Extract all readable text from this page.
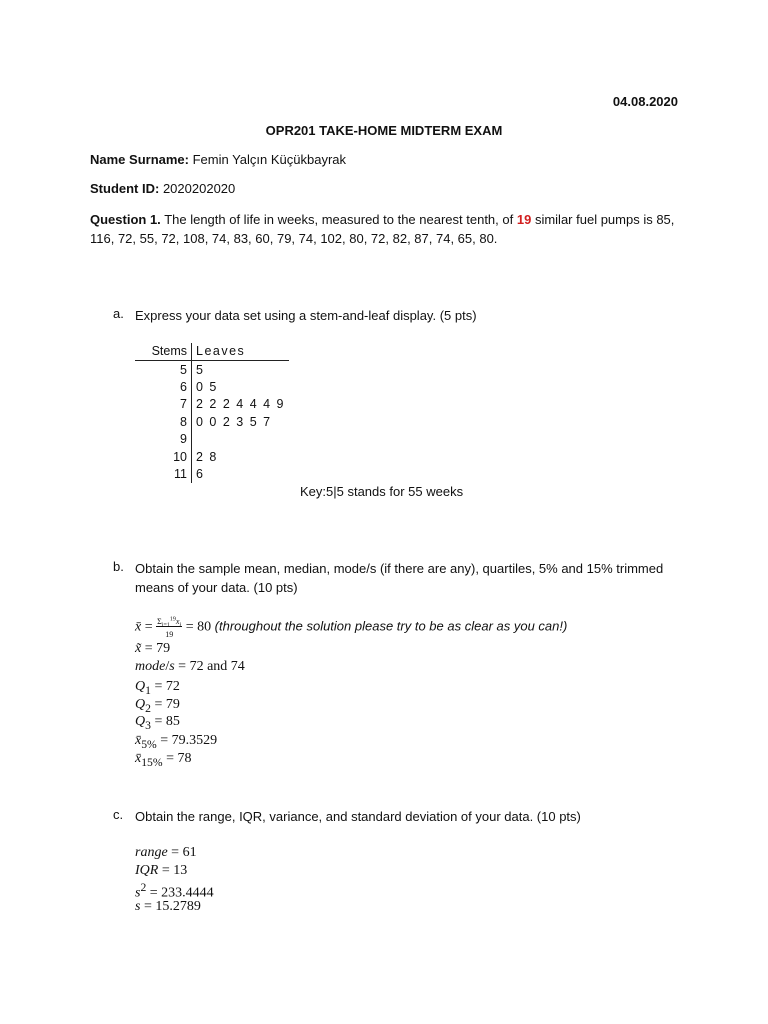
04.08.2020
OPR201 TAKE-HOME MIDTERM EXAM
Name Surname: Femin Yalçın Küçükbayrak
Student ID: 2020202020
Question 1. The length of life in weeks, measured to the nearest tenth, of 19 similar fuel pumps is 85,
116, 72, 55, 72, 108, 74, 83, 60, 79, 74, 102, 80, 72, 82, 87, 74, 65, 80.
a. Express your data set using a stem-and-leaf display. (5 pts)
Stems	Leaves
5	5
6	0 5
7	2 2 2 4 4 4 9
8	0 0 2 3 5 7
9	
10	2 8
11	6
Key:5|5 stands for 55 weeks
b. Obtain the sample mean, median, mode/s (if there are any), quartiles, 5% and 15% trimmed
means of your data. (10 pts)
x̄ = $\frac{\Sigma_{i=1}^{19}x_i}{19} = 80$ (throughout the solution please try to be as clear as you can!)
x̃ = 79
mode/s = 72 and 74
$Q_1 = 72$
$Q_2 = 79$
$Q_3 = 85$
$x̄_{5\%} = 79.3529$
$x̄_{15\%} = 78$
c. Obtain the range, IQR, variance, and standard deviation of your data. (10 pts)
range = 61
IQR = 13
$s^2 = 233.4444$
s = 15.2789
